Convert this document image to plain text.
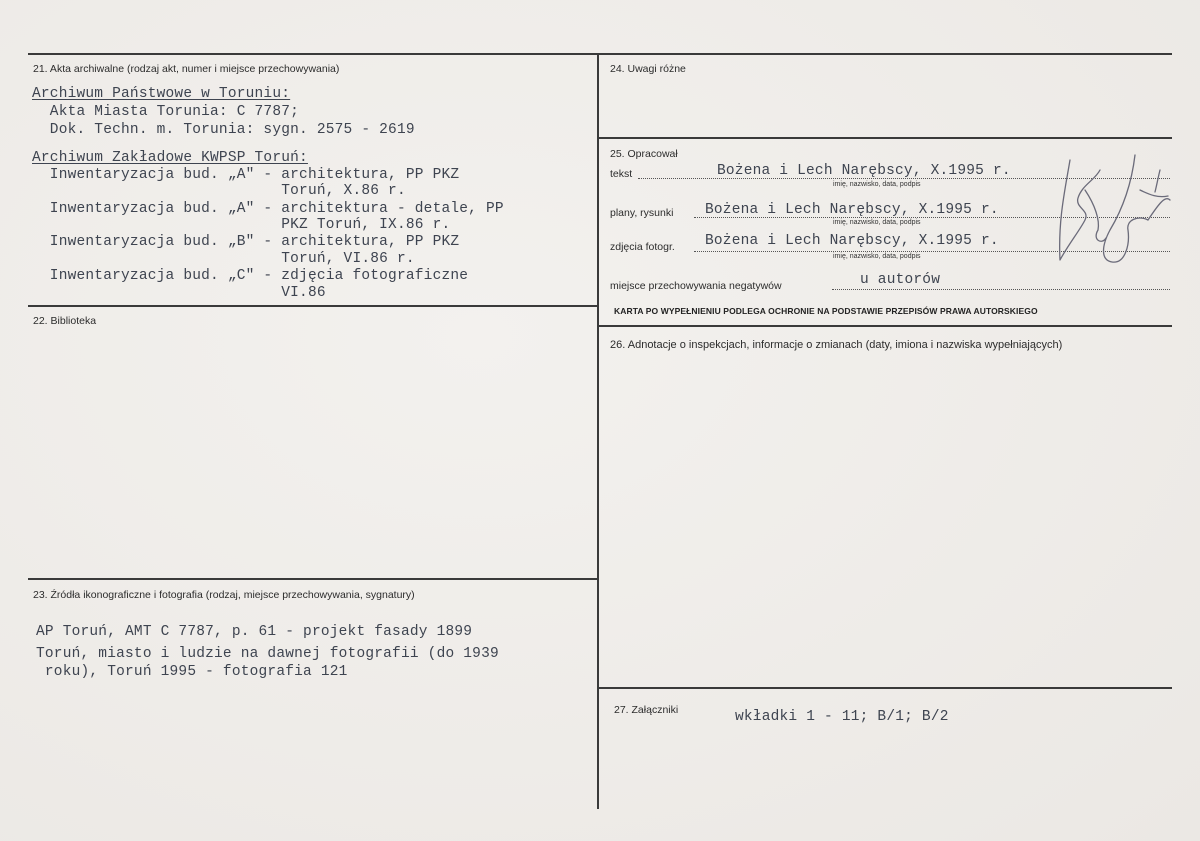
21. Akta archiwalne (rodzaj akt, numer i miejsce przechowywania)
Archiwum Państwowe w Toruniu:
Akta Miasta Torunia: C 7787;
Dok. Techn. m. Torunia: sygn. 2575 - 2619
Archiwum Zakładowe KWPSP Toruń:
Inwentaryzacja bud. „A" - architektura, PP PKZ
Toruń, X.86 r.
Inwentaryzacja bud. „A" - architektura - detale, PP
PKZ Toruń, IX.86 r.
Inwentaryzacja bud. „B" - architektura, PP PKZ
Toruń, VI.86 r.
Inwentaryzacja bud. „C" - zdjęcia fotograficzne
VI.86
22. Biblioteka
23. Źródła ikonograficzne i fotografia (rodzaj, miejsce przechowywania, sygnatury)
AP Toruń, AMT C 7787, p. 61 - projekt fasady 1899
Toruń, miasto i ludzie na dawnej fotografii (do 1939
roku), Toruń 1995 - fotografia 121
24. Uwagi różne
25. Opracował
tekst	Bożena i Lech Narębscy, X.1995 r.
imię, nazwisko, data, podpis
plany, rysunki Bożena i Lech Narębscy, X.1995 r.
imię, nazwisko, data, podpis
zdjęcia fotogr. Bożena i Lech Narębscy, X.1995 r.
imię, nazwisko, data, podpis
miejsce przechowywania negatywów	u autorów
KARTA PO WYPEŁNIENIU PODLEGA OCHRONIE NA PODSTAWIE PRZEPISÓW PRAWA AUTORSKIEGO
26. Adnotacje o inspekcjach, informacje o zmianach (daty, imiona i nazwiska wypełniających)
27. Załączniki	wkładki 1 - 11; B/1; B/2
